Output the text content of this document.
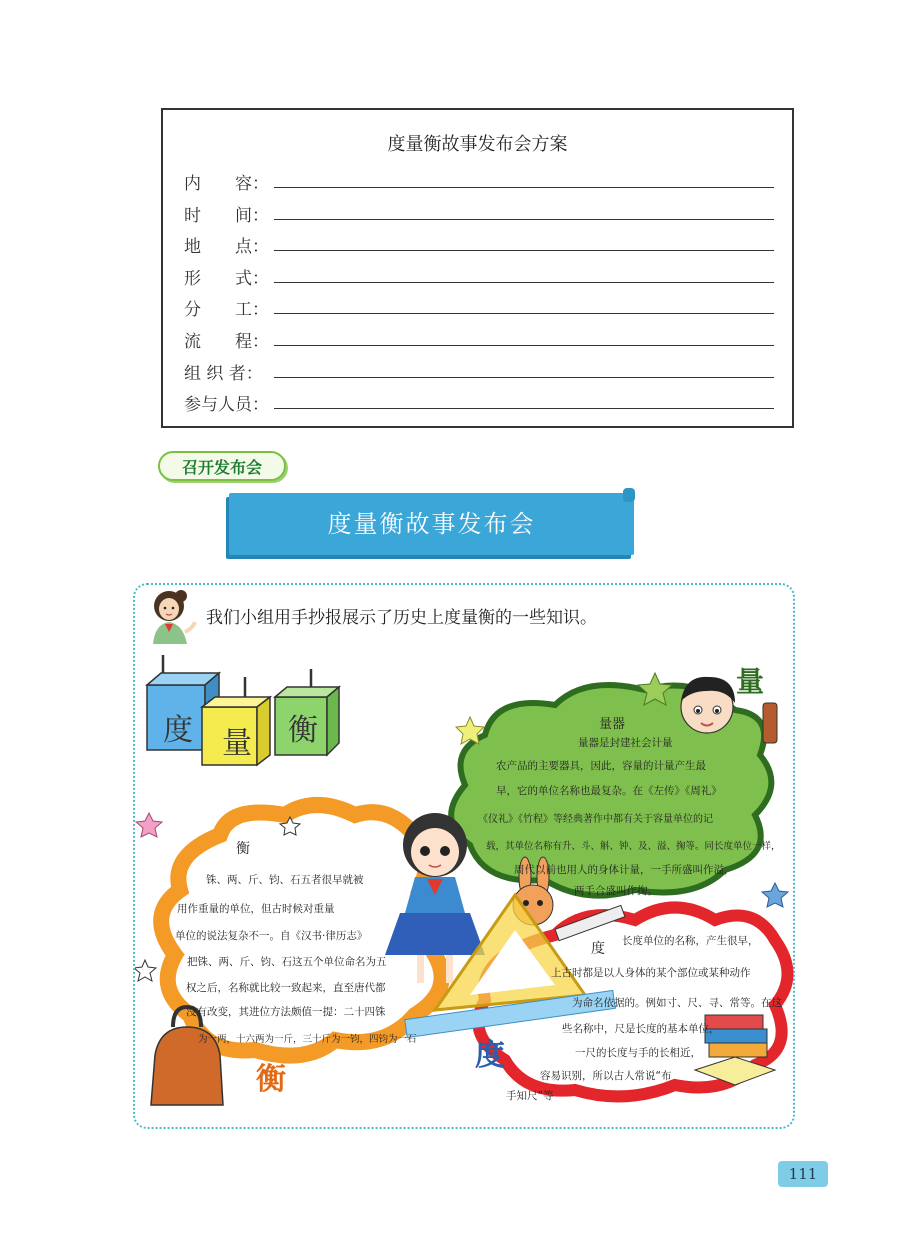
度量衡故事发布会方案
内　　容：
时　　间：
地　　点：
形　　式：
分　　工：
流　　程：
组 织 者：
参与人员：
召开发布会
度量衡故事发布会
我们小组用手抄报展示了历史上度量衡的一些知识。
度 量 衡
量
量器
量器是封建社会计量
农产品的主要器具，因此，容量的计量产生最
早，它的单位名称也最复杂。在《左传》《周礼》
《仪礼》《竹程》等经典著作中都有关于容量单位的记
载，其单位名称有升、斗、斛、钟、及、溢、掬等。同长度单位一样，
周代以前也用人的身体计量，一手所盛叫作溢，
两手合盛叫作掬。
衡
铢、两、斤、钧、石五者很早就被
用作重量的单位，但古时候对重量
单位的说法复杂不一。自《汉书·律历志》
把铢、两、斤、钧、石这五个单位命名为五
权之后，名称就比较一致起来，直至唐代都
没有改变，其进位方法颇值一提：二十四铢
为一两，十六两为一斤，三十斤为一钧，四钧为一石
衡
度 长度单位的名称，产生很早，
上古时都是以人身体的某个部位或某种动作
为命名依据的。例如寸、尺、寻、常等。在这
些名称中，尺是长度的基本单位，
一尺的长度与手的长相近，
容易识别，所以古人常说“布
手知尺”等
度
111
